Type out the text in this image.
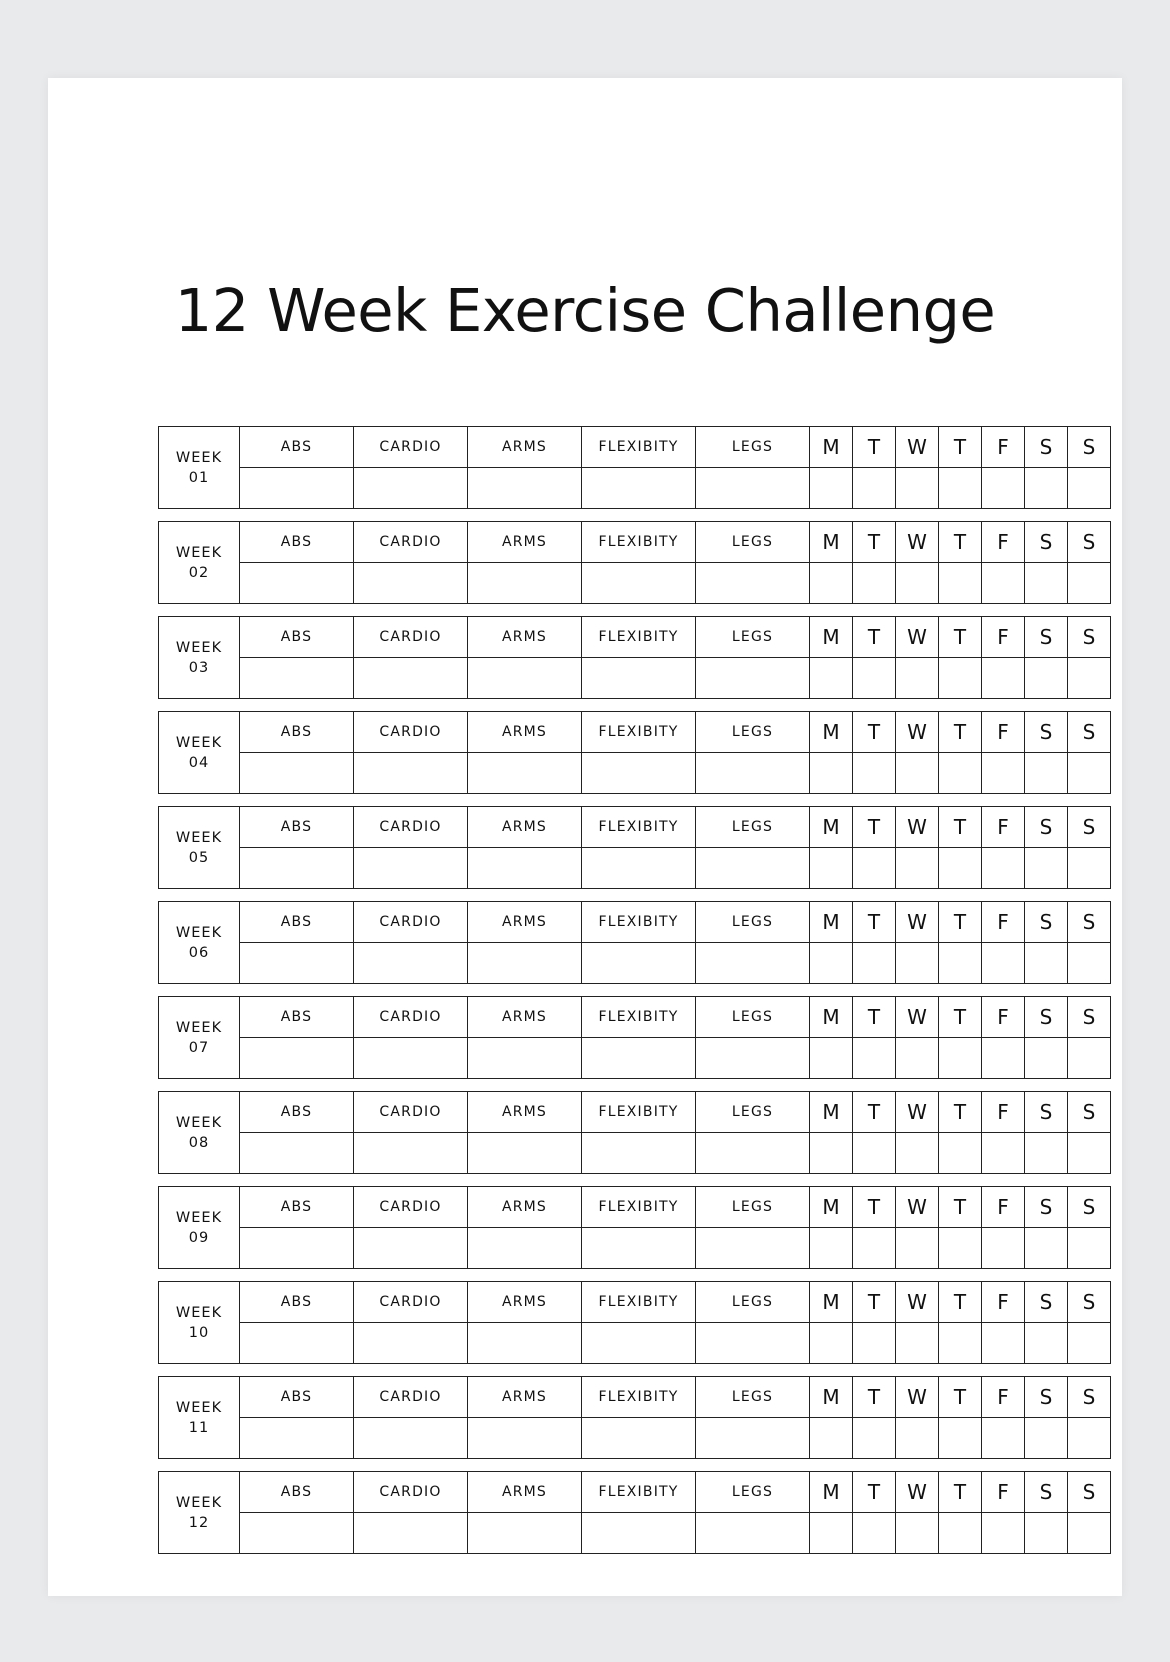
12 Week Exercise Challenge
WEEK
01	ABS	CARDIO	ARMS	FLEXIBITY	LEGS	M	T	W	T	F	S	S

WEEK
02	ABS	CARDIO	ARMS	FLEXIBITY	LEGS	M	T	W	T	F	S	S

WEEK
03	ABS	CARDIO	ARMS	FLEXIBITY	LEGS	M	T	W	T	F	S	S

WEEK
04	ABS	CARDIO	ARMS	FLEXIBITY	LEGS	M	T	W	T	F	S	S

WEEK
05	ABS	CARDIO	ARMS	FLEXIBITY	LEGS	M	T	W	T	F	S	S

WEEK
06	ABS	CARDIO	ARMS	FLEXIBITY	LEGS	M	T	W	T	F	S	S

WEEK
07	ABS	CARDIO	ARMS	FLEXIBITY	LEGS	M	T	W	T	F	S	S

WEEK
08	ABS	CARDIO	ARMS	FLEXIBITY	LEGS	M	T	W	T	F	S	S

WEEK
09	ABS	CARDIO	ARMS	FLEXIBITY	LEGS	M	T	W	T	F	S	S

WEEK
10	ABS	CARDIO	ARMS	FLEXIBITY	LEGS	M	T	W	T	F	S	S

WEEK
11	ABS	CARDIO	ARMS	FLEXIBITY	LEGS	M	T	W	T	F	S	S

WEEK
12	ABS	CARDIO	ARMS	FLEXIBITY	LEGS	M	T	W	T	F	S	S
